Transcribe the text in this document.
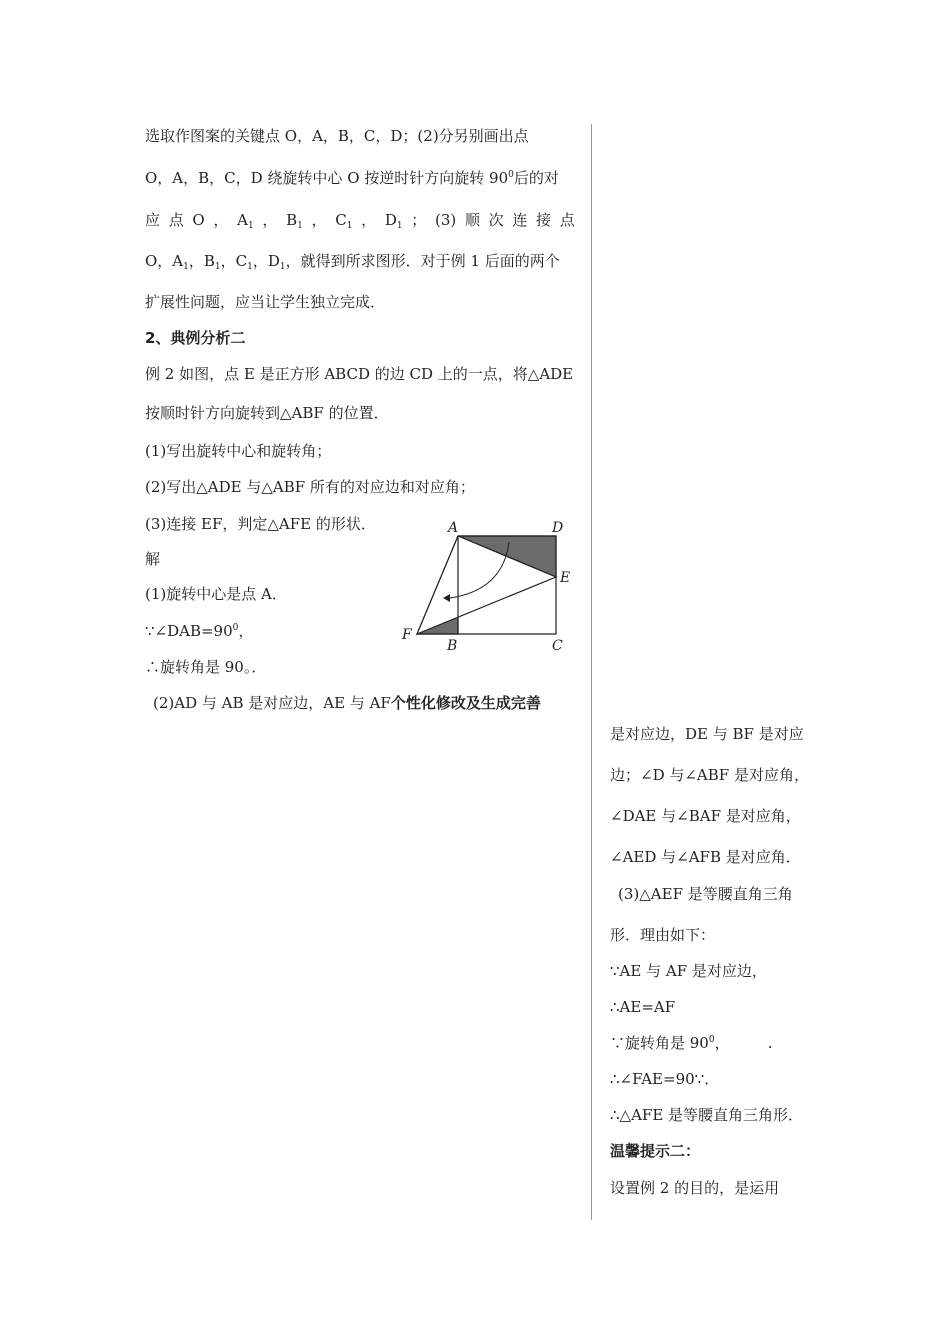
选取作图案的关键点 O，A，B，C，D；(2)分另别画出点
O，A，B，C，D 绕旋转中心 O 按逆时针方向旋转 $90^0$后的对
应 点 O ， $A_1$ ， $B_1$ ， $C_1$ ， $D_1$ ； (3) 顺 次 连 接 点
O，$A_1$，$B_1$，$C_1$，$D_1$，就得到所求图形．对于例 1 后面的两个
扩展性问题，应当让学生独立完成．
2、典例分析二
例 2 如图，点 E 是正方形 ABCD 的边 CD 上的一点，将△ADE
按顺时针方向旋转到△ABF 的位置．
(1)写出旋转中心和旋转角；
(2)写出△ADE 与△ABF 所有的对应边和对应角；
(3)连接 EF，判定△AFE 的形状．
解
(1)旋转中心是点 A．
$\because\angle DAB=90^0$，
∴旋转角是 90。．
(2)AD 与 AB 是对应边，AE 与 AF个性化修改及生成完善
A	D
E
F
B	C
是对应边，DE 与 BF 是对应
边；∠D 与∠ABF 是对应角，
∠DAE 与∠BAF 是对应角，
∠AED 与∠AFB 是对应角．
(3)△AEF 是等腰直角三角
形．理由如下：
∵AE 与 AF 是对应边，
∴AE=AF
∵旋转角是 $90^0$，        .
∴∠FAE=90∵．
∴△AFE 是等腰直角三角形．
温馨提示二：
设置例 2 的目的，是运用
